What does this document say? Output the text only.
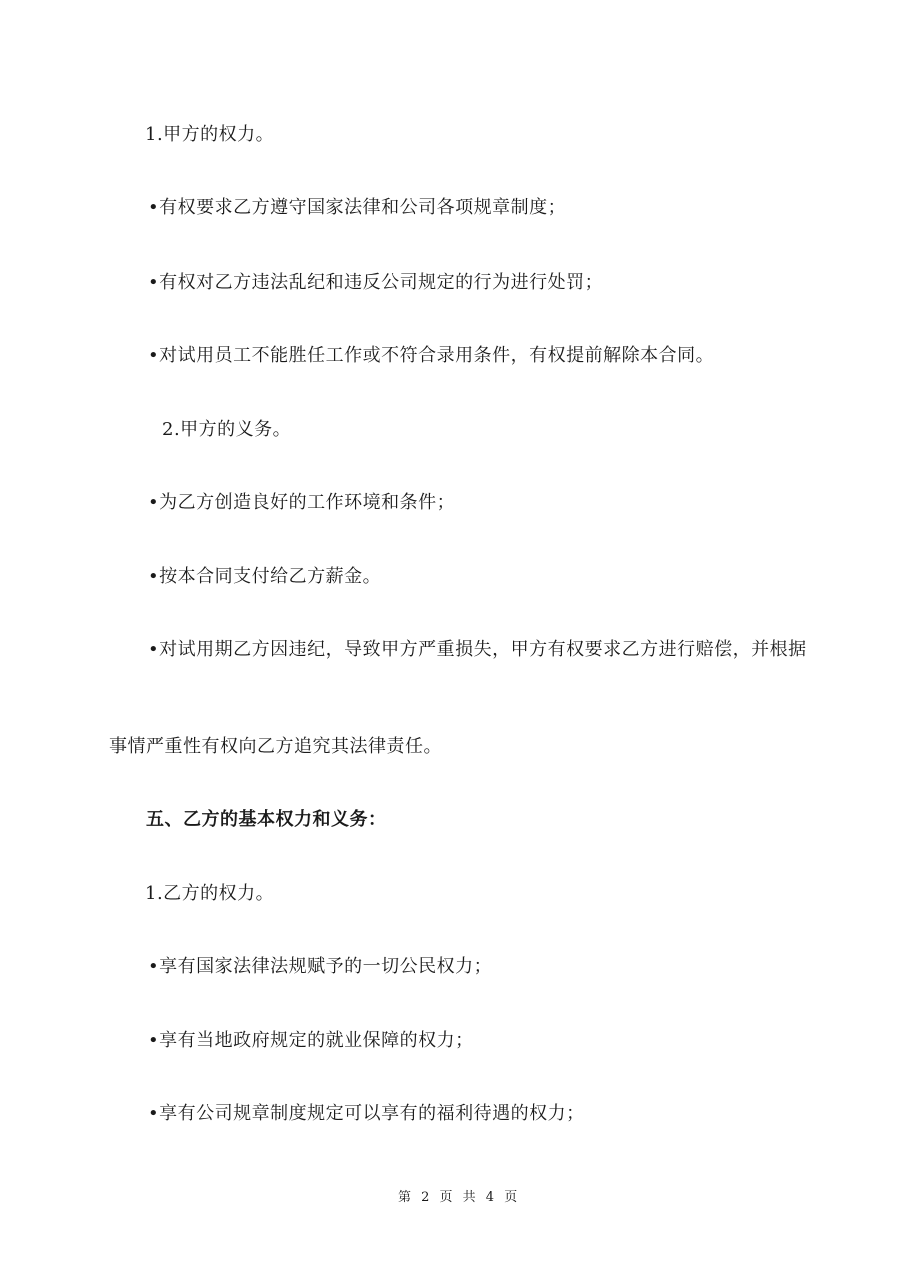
1.甲方的权力。
•有权要求乙方遵守国家法律和公司各项规章制度；
•有权对乙方违法乱纪和违反公司规定的行为进行处罚；
•对试用员工不能胜任工作或不符合录用条件，有权提前解除本合同。
2.甲方的义务。
•为乙方创造良好的工作环境和条件；
•按本合同支付给乙方薪金。
•对试用期乙方因违纪，导致甲方严重损失，甲方有权要求乙方进行赔偿，并根据
事情严重性有权向乙方追究其法律责任。
五、乙方的基本权力和义务：
1.乙方的权力。
•享有国家法律法规赋予的一切公民权力；
•享有当地政府规定的就业保障的权力；
•享有公司规章制度规定可以享有的福利待遇的权力；
第 2 页 共 4 页
